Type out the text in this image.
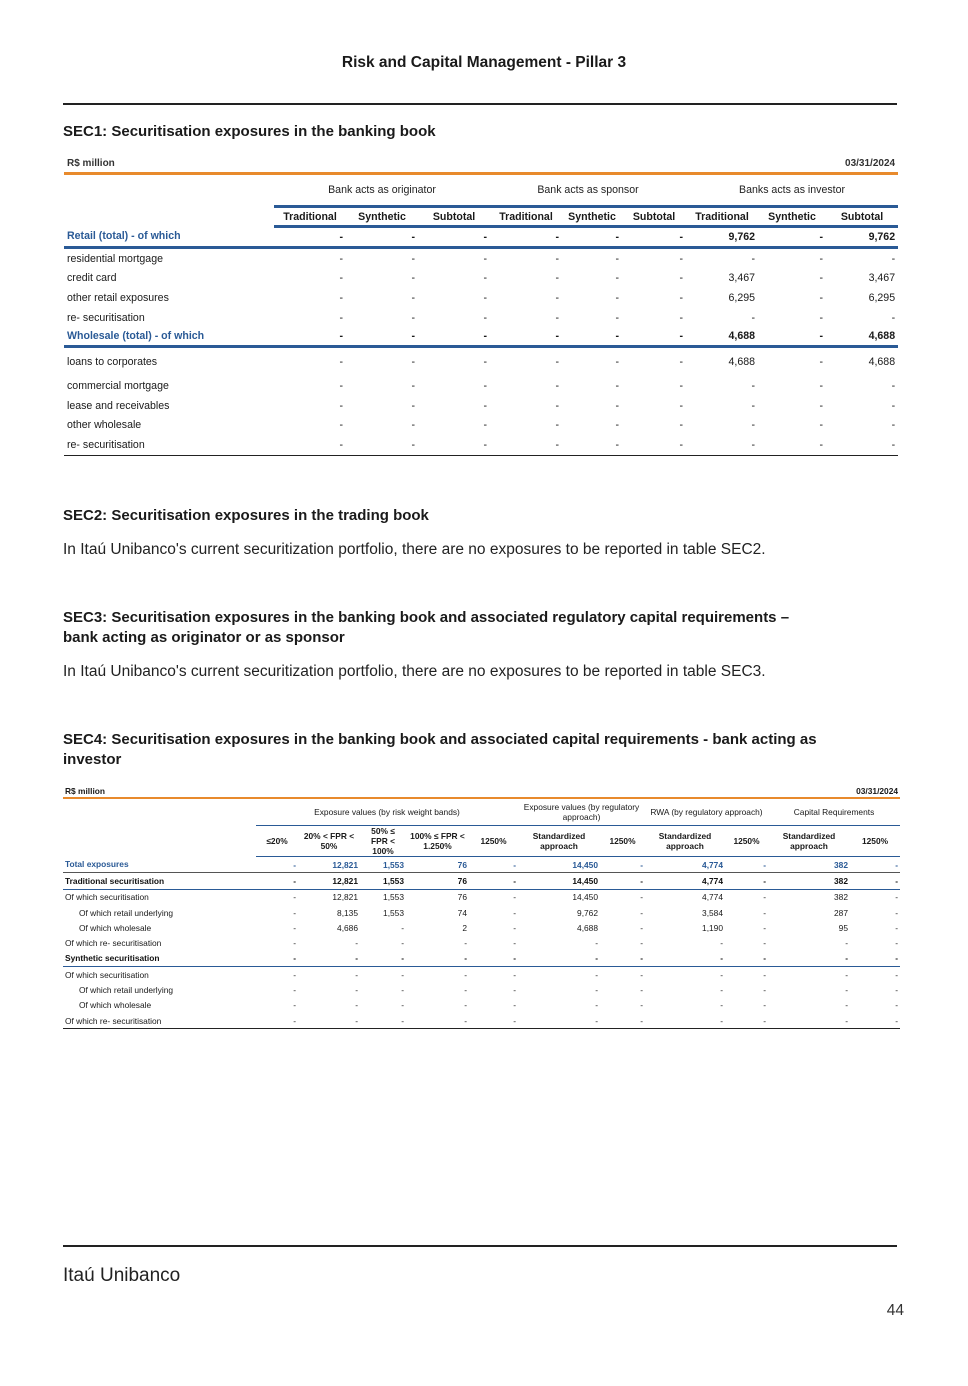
Risk and Capital Management - Pillar 3
SEC1: Securitisation exposures in the banking book
R$ million	03/31/2024								

	Bank acts as originator			Bank acts as sponsor			Banks acts as investor		
	Traditional	Synthetic	Subtotal	Traditional	Synthetic	Subtotal	Traditional	Synthetic	Subtotal
Retail (total) - of which	-	-	-	-	-	-	9,762	-	9,762
residential mortgage	-	-	-	-	-	-	-	-	-
credit card	-	-	-	-	-	-	3,467	-	3,467
other retail exposures	-	-	-	-	-	-	6,295	-	6,295
re- securitisation	-	-	-	-	-	-	-	-	-
Wholesale (total) - of which	-	-	-	-	-	-	4,688	-	4,688
loans to corporates	-	-	-	-	-	-	4,688	-	4,688
commercial mortgage	-	-	-	-	-	-	-	-	-
lease and receivables	-	-	-	-	-	-	-	-	-
other wholesale	-	-	-	-	-	-	-	-	-
re- securitisation	-	-	-	-	-	-	-	-	-
SEC2: Securitisation exposures in the trading book
In Itaú Unibanco's current securitization portfolio, there are no exposures to be reported in table SEC2.
SEC3: Securitisation exposures in the banking book and associated regulatory capital requirements –
bank acting as originator or as sponsor
In Itaú Unibanco's current securitization portfolio, there are no exposures to be reported in table SEC3.
SEC4: Securitisation exposures in the banking book and associated capital requirements - bank acting as
investor
R$ million	03/31/2024										

	Exposure values (by risk weight bands)					Exposure values (by regulatory approach)		RWA (by regulatory approach)		Capital Requirements	
	≤20%	20% < FPR < 50%	50% ≤ FPR < 100%	100% ≤ FPR < 1.250%	1250%	Standardized approach	1250%	Standardized approach	1250%	Standardized approach	1250%
Total exposures	-	12,821	1,553	76	-	14,450	-	4,774	-	382	-
Traditional securitisation	-	12,821	1,553	76	-	14,450	-	4,774	-	382	-
Of which securitisation	-	12,821	1,553	76	-	14,450	-	4,774	-	382	-
Of which retail underlying	-	8,135	1,553	74	-	9,762	-	3,584	-	287	-
Of which wholesale	-	4,686	-	2	-	4,688	-	1,190	-	95	-
Of which re- securitisation	-	-	-	-	-	-	-	-	-	-	-
Synthetic securitisation	-	-	-	-	-	-	-	-	-	-	-
Of which securitisation	-	-	-	-	-	-	-	-	-	-	-
Of which retail underlying	-	-	-	-	-	-	-	-	-	-	-
Of which wholesale	-	-	-	-	-	-	-	-	-	-	-
Of which re- securitisation	-	-	-	-	-	-	-	-	-	-	-
Itaú Unibanco
44
